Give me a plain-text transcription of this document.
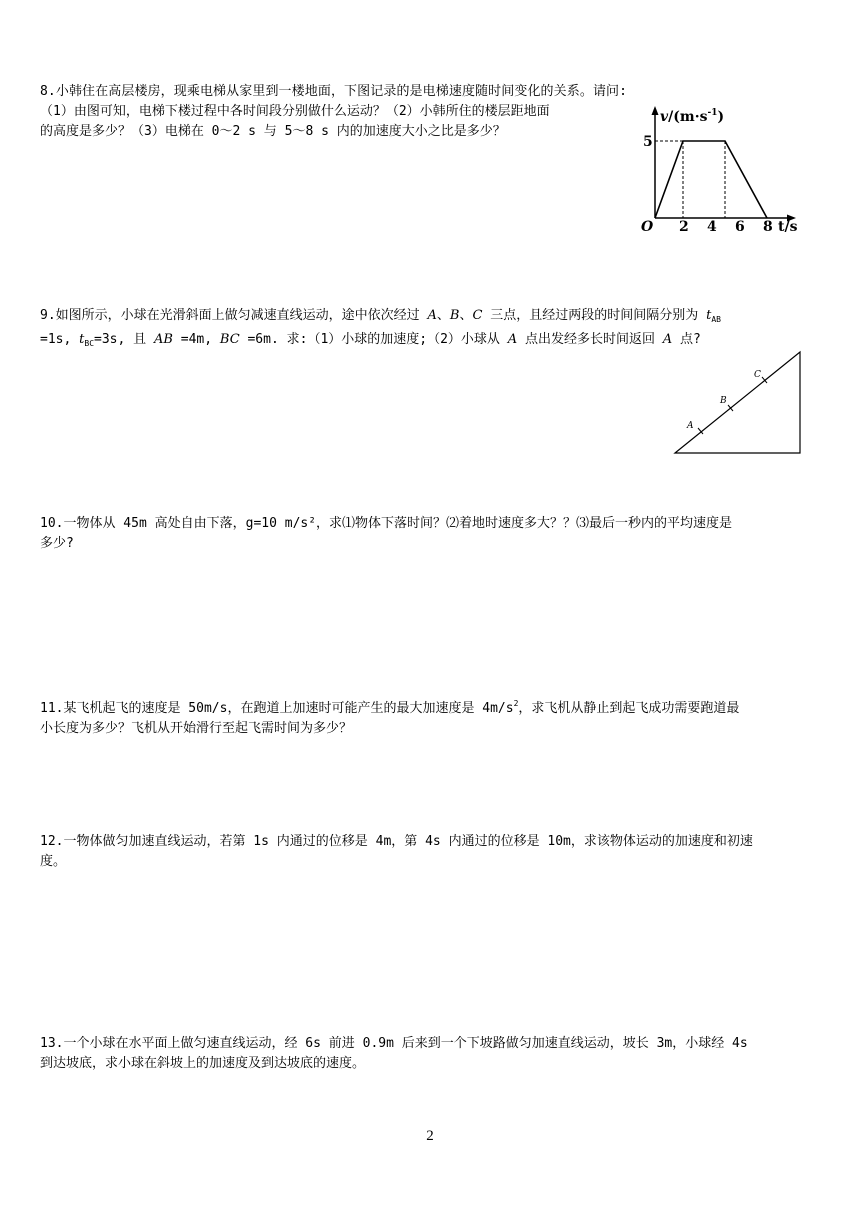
8.小韩住在高层楼房，现乘电梯从家里到一楼地面，下图记录的是电梯速度随时间变化的关系。请问:
（1）由图可知，电梯下楼过程中各时间段分别做什么运动？（2）小韩所住的楼层距地面
的高度是多少？（3）电梯在 0～2 s 与 5～8 s 内的加速度大小之比是多少？
2 4 6 8
5
$v/(m\cdot s^{-1})$
O	t/s
9.如图所示，小球在光滑斜面上做匀减速直线运动，途中依次经过 A、B、C 三点，且经过两段的时间间隔分别为 $t_{AB}$
=1s, $t_{BC}=3s$, 且 AB =4m, BC =6m. 求:（1）小球的加速度;（2）小球从 A 点出发经多长时间返回 A 点?
A
B
C
10.一物体从 45m 高处自由下落，g=10 m/s²，求⑴物体下落时间？⑵着地时速度多大？？⑶最后一秒内的平均速度是
多少?
11.某飞机起飞的速度是 50m/s，在跑道上加速时可能产生的最大加速度是 $4m/s^2$，求飞机从静止到起飞成功需要跑道最
小长度为多少？飞机从开始滑行至起飞需时间为多少？
12.一物体做匀加速直线运动，若第 1s 内通过的位移是 4m，第 4s 内通过的位移是 10m，求该物体运动的加速度和初速
度。
13.一个小球在水平面上做匀速直线运动，经 6s 前进 0.9m 后来到一个下坡路做匀加速直线运动，坡长 3m，小球经 4s
到达坡底，求小球在斜坡上的加速度及到达坡底的速度。
2
